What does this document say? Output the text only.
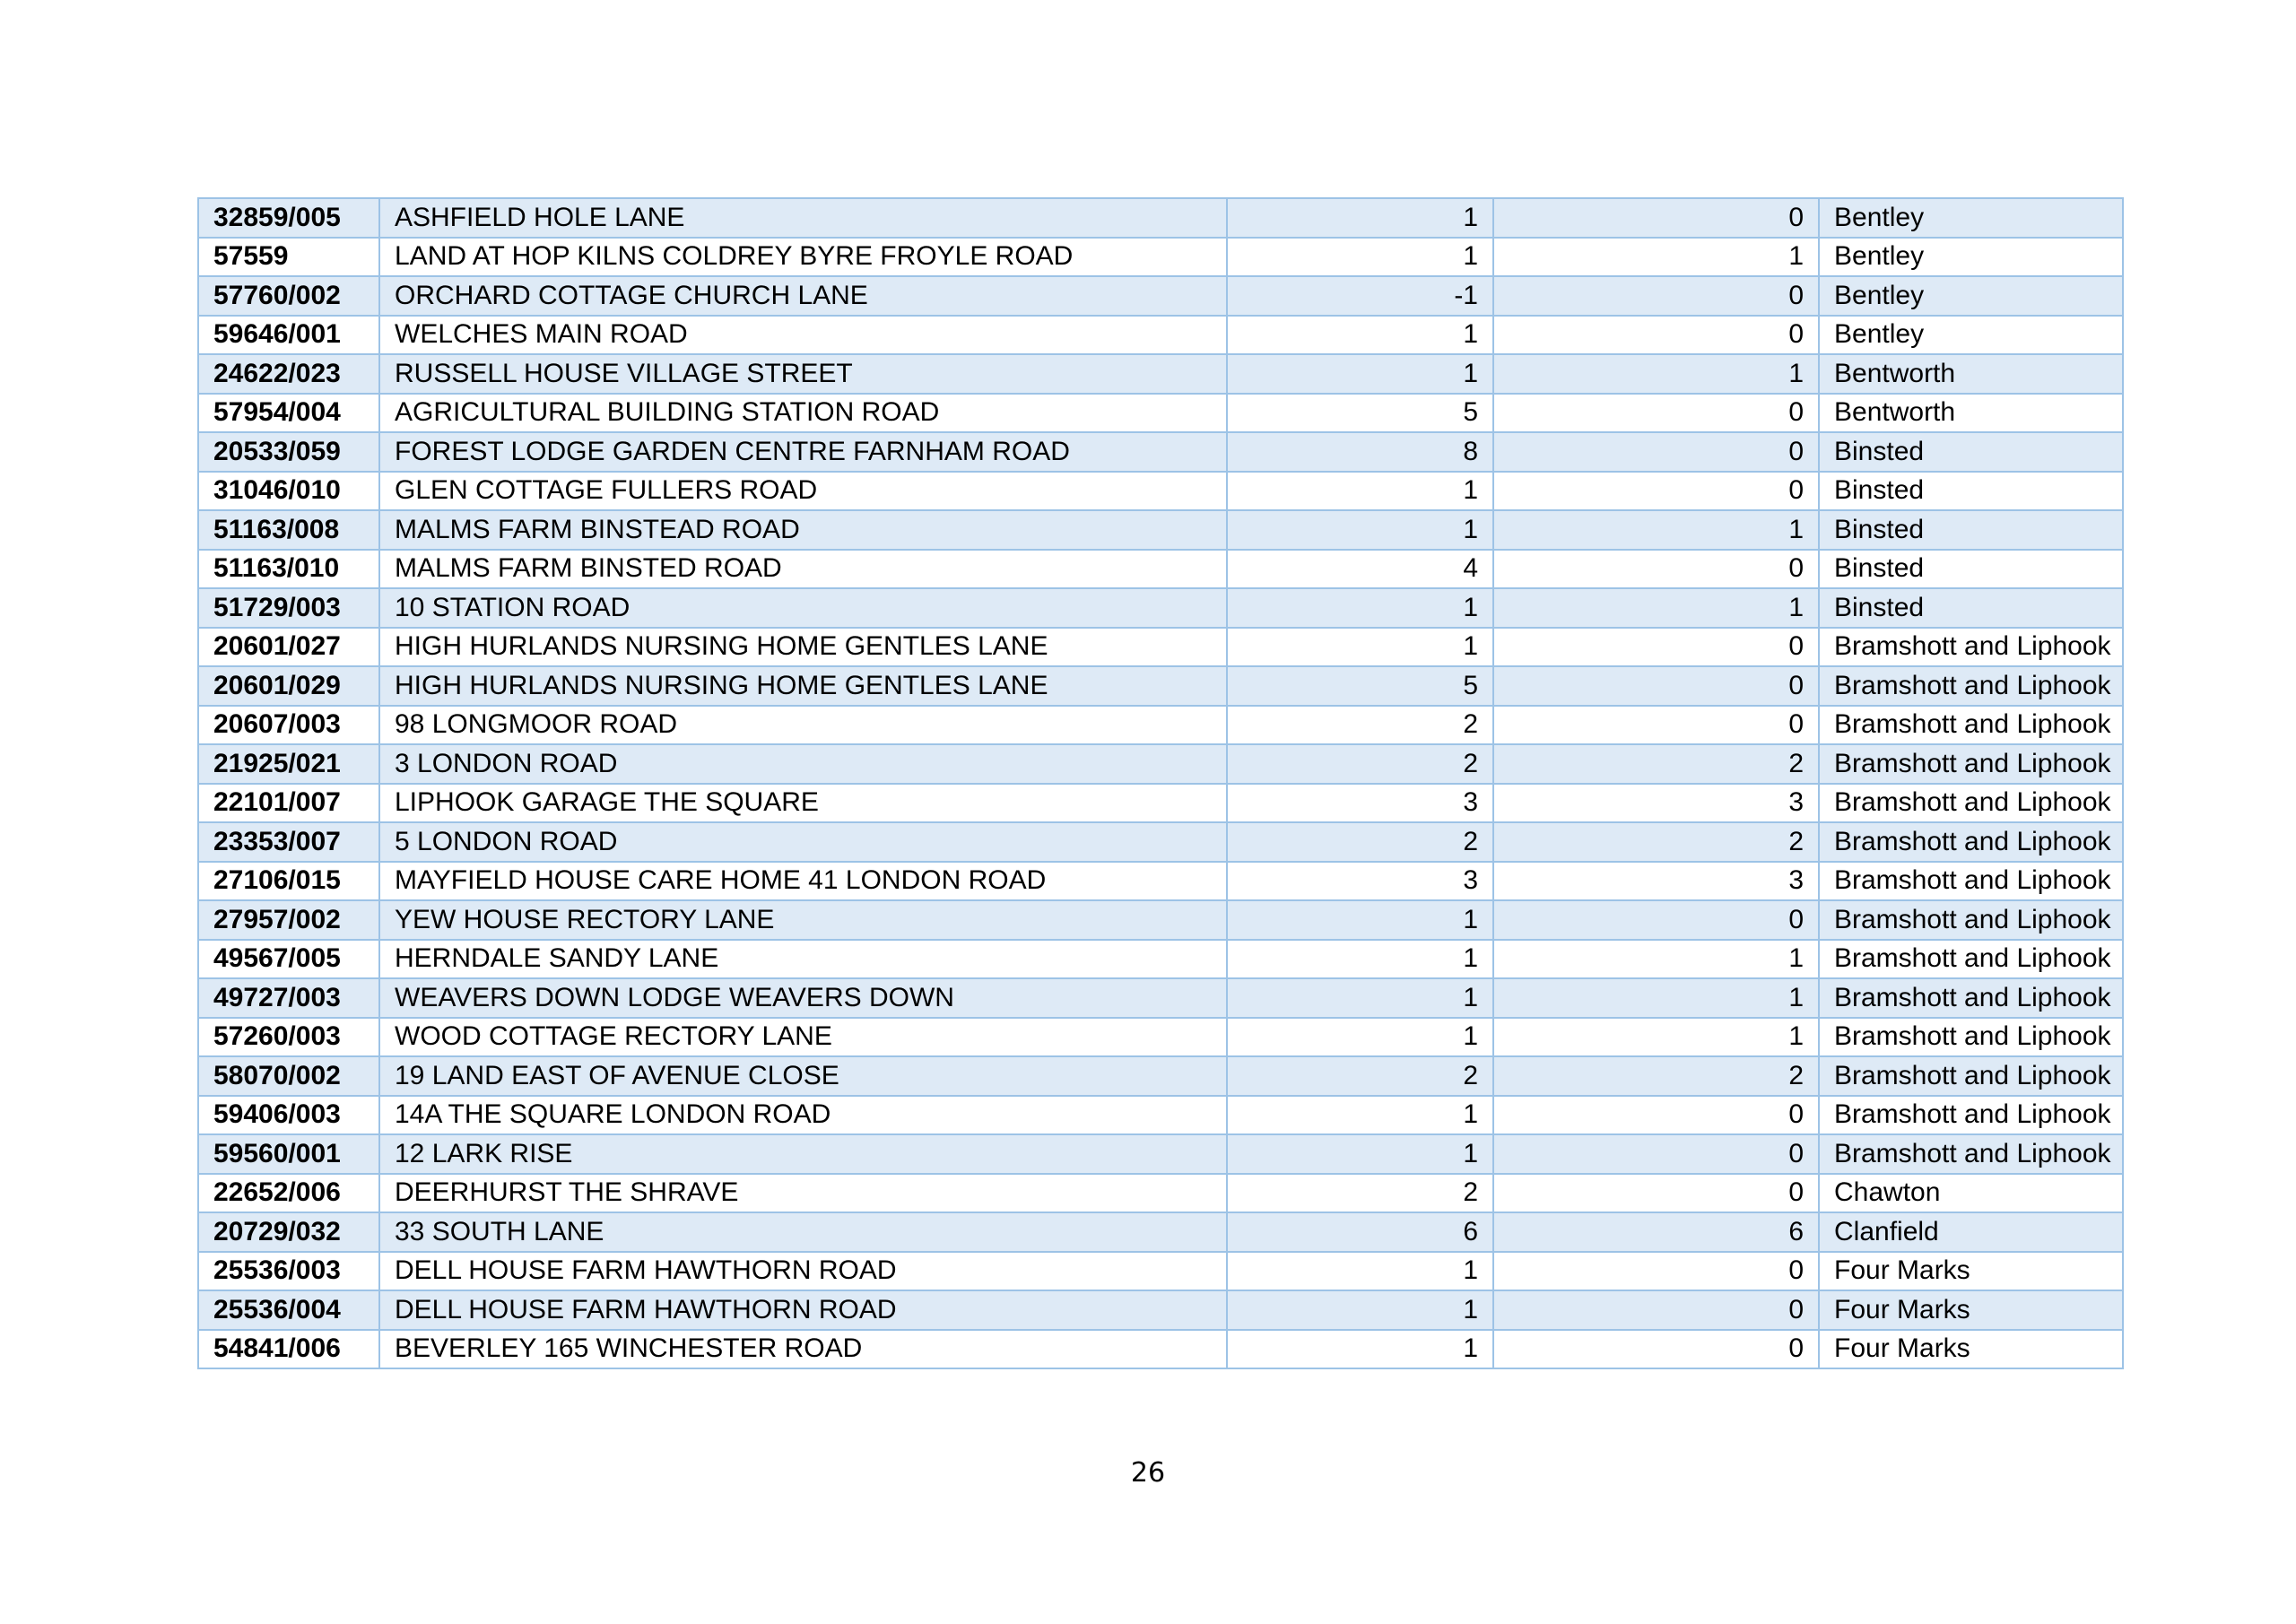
32859/005	ASHFIELD HOLE LANE	1	0	Bentley
57559	LAND AT HOP KILNS COLDREY BYRE FROYLE ROAD	1	1	Bentley
57760/002	ORCHARD COTTAGE CHURCH LANE	-1	0	Bentley
59646/001	WELCHES MAIN ROAD	1	0	Bentley
24622/023	RUSSELL HOUSE VILLAGE STREET	1	1	Bentworth
57954/004	AGRICULTURAL BUILDING STATION ROAD	5	0	Bentworth
20533/059	FOREST LODGE GARDEN CENTRE FARNHAM ROAD	8	0	Binsted
31046/010	GLEN COTTAGE FULLERS ROAD	1	0	Binsted
51163/008	MALMS FARM BINSTEAD ROAD	1	1	Binsted
51163/010	MALMS FARM BINSTED ROAD	4	0	Binsted
51729/003	10 STATION ROAD	1	1	Binsted
20601/027	HIGH HURLANDS NURSING HOME GENTLES LANE	1	0	Bramshott and Liphook
20601/029	HIGH HURLANDS NURSING HOME GENTLES LANE	5	0	Bramshott and Liphook
20607/003	98 LONGMOOR ROAD	2	0	Bramshott and Liphook
21925/021	3 LONDON ROAD	2	2	Bramshott and Liphook
22101/007	LIPHOOK GARAGE THE SQUARE	3	3	Bramshott and Liphook
23353/007	5 LONDON ROAD	2	2	Bramshott and Liphook
27106/015	MAYFIELD HOUSE CARE HOME 41 LONDON ROAD	3	3	Bramshott and Liphook
27957/002	YEW HOUSE RECTORY LANE	1	0	Bramshott and Liphook
49567/005	HERNDALE SANDY LANE	1	1	Bramshott and Liphook
49727/003	WEAVERS DOWN LODGE WEAVERS DOWN	1	1	Bramshott and Liphook
57260/003	WOOD COTTAGE RECTORY LANE	1	1	Bramshott and Liphook
58070/002	19 LAND EAST OF AVENUE CLOSE	2	2	Bramshott and Liphook
59406/003	14A THE SQUARE LONDON ROAD	1	0	Bramshott and Liphook
59560/001	12 LARK RISE	1	0	Bramshott and Liphook
22652/006	DEERHURST THE SHRAVE	2	0	Chawton
20729/032	33 SOUTH LANE	6	6	Clanfield
25536/003	DELL HOUSE FARM HAWTHORN ROAD	1	0	Four Marks
25536/004	DELL HOUSE FARM HAWTHORN ROAD	1	0	Four Marks
54841/006	BEVERLEY 165 WINCHESTER ROAD	1	0	Four Marks
26
